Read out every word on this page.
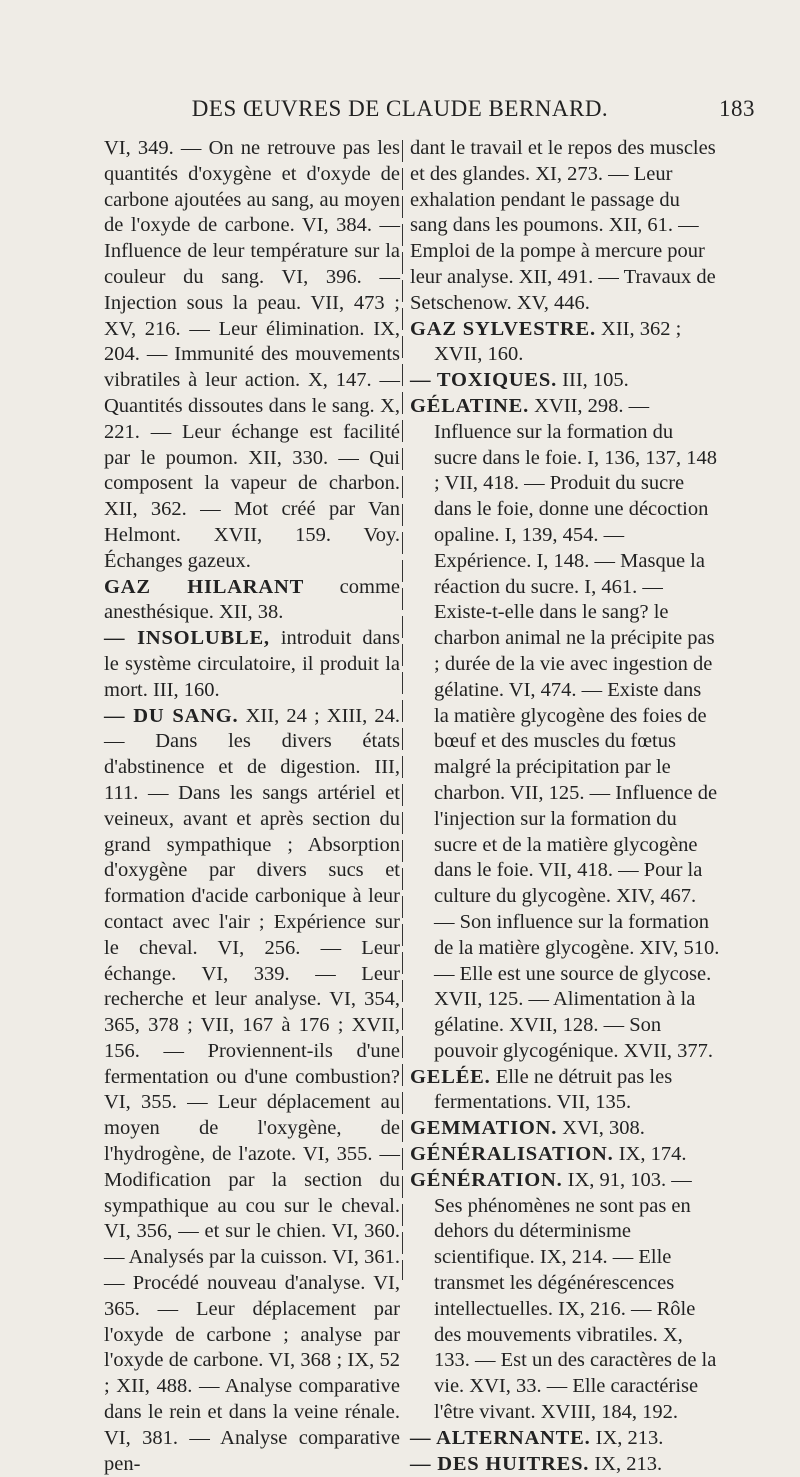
DES ŒUVRES DE CLAUDE BERNARD.	183

VI, 349. — On ne retrouve pas les quantités d'oxygène et d'oxyde de carbone ajoutées au sang, au moyen de l'oxyde de carbone. VI, 384. — Influence de leur température sur la couleur du sang. VI, 396. — Injection sous la peau. VII, 473 ; XV, 216. — Leur élimination. IX, 204. — Immunité des mouvements vibratiles à leur action. X, 147. — Quantités dissoutes dans le sang. X, 221. — Leur échange est facilité par le poumon. XII, 330. — Qui composent la vapeur de charbon. XII, 362. — Mot créé par Van Helmont. XVII, 159. Voy. Échanges gazeux.

GAZ HILARANT comme anesthésique. XII, 38.

— INSOLUBLE, introduit dans le système circulatoire, il produit la mort. III, 160.

— DU SANG. XII, 24 ; XIII, 24. — Dans les divers états d'abstinence et de digestion. III, 111. — Dans les sangs artériel et veineux, avant et après section du grand sympathique ; Absorption d'oxygène par divers sucs et formation d'acide carbonique à leur contact avec l'air ; Expérience sur le cheval. VI, 256. — Leur échange. VI, 339. — Leur recherche et leur analyse. VI, 354, 365, 378 ; VII, 167 à 176 ; XVII, 156. — Proviennent-ils d'une fermentation ou d'une combustion? VI, 355. — Leur déplacement au moyen de l'oxygène, de l'hydrogène, de l'azote. VI, 355. — Modification par la section du sympathique au cou sur le cheval. VI, 356, — et sur le chien. VI, 360. — Analysés par la cuisson. VI, 361. — Procédé nouveau d'analyse. VI, 365. — Leur déplacement par l'oxyde de carbone ; analyse par l'oxyde de carbone. VI, 368 ; IX, 52 ; XII, 488. — Analyse comparative dans le rein et dans la veine rénale. VI, 381. — Analyse comparative pen-

dant le travail et le repos des muscles et des glandes. XI, 273. — Leur exhalation pendant le passage du sang dans les poumons. XII, 61. — Emploi de la pompe à mercure pour leur analyse. XII, 491. — Travaux de Setschenow. XV, 446.

GAZ SYLVESTRE. XII, 362 ; XVII, 160.

— TOXIQUES. III, 105.

GÉLATINE. XVII, 298. — Influence sur la formation du sucre dans le foie. I, 136, 137, 148 ; VII, 418. — Produit du sucre dans le foie, donne une décoction opaline. I, 139, 454. — Expérience. I, 148. — Masque la réaction du sucre. I, 461. — Existe-t-elle dans le sang? le charbon animal ne la précipite pas ; durée de la vie avec ingestion de gélatine. VI, 474. — Existe dans la matière glycogène des foies de bœuf et des muscles du fœtus malgré la précipitation par le charbon. VII, 125. — Influence de l'injection sur la formation du sucre et de la matière glycogène dans le foie. VII, 418. — Pour la culture du glycogène. XIV, 467. — Son influence sur la formation de la matière glycogène. XIV, 510. — Elle est une source de glycose. XVII, 125. — Alimentation à la gélatine. XVII, 128. — Son pouvoir glycogénique. XVII, 377.

GELÉE. Elle ne détruit pas les fermentations. VII, 135.

GEMMATION. XVI, 308.

GÉNÉRALISATION. IX, 174.

GÉNÉRATION. IX, 91, 103. — Ses phénomènes ne sont pas en dehors du déterminisme scientifique. IX, 214. — Elle transmet les dégénérescences intellectuelles. IX, 216. — Rôle des mouvements vibratiles. X, 133. — Est un des caractères de la vie. XVI, 33. — Elle caractérise l'être vivant. XVIII, 184, 192.

— ALTERNANTE. IX, 213.

— DES HUITRES. IX, 213.
